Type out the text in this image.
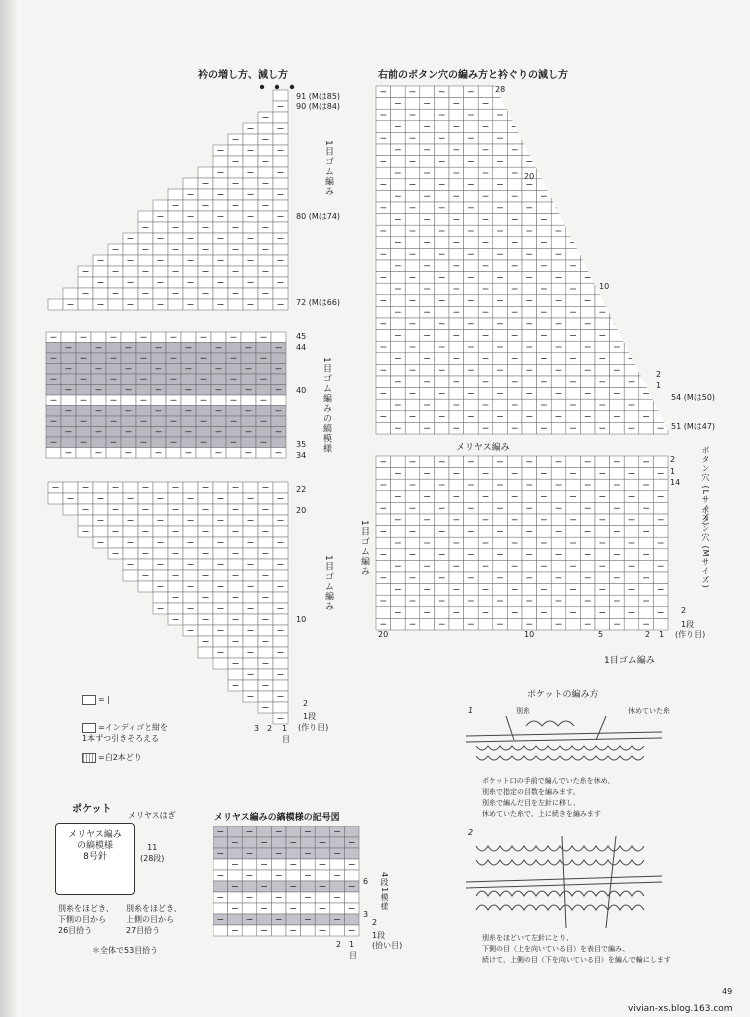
衿の増し方、減し方	右前のボタン穴の編み方と衿ぐりの減し方
91 (Mは85)
90 (Mは84)
80 (Mは74)
72 (Mは66)
45
44
40
35
34
22
20
10
2
1段
(作り目)
3 2 1
目
1目ゴム編み
1目ゴム編みの縞模様
1目ゴム編み
メリヤス編み
28
20
10
2
1
54 (Mは50)
51 (Mは47)
2
1
14
2
1段
(作り目)
20	10	5	2 1
ボタン穴 (Lサイズ)
ボタン穴 (Mサイズ)
1目ゴム編み
1目ゴム編み
= |
=インディゴと紺を
1本ずつ引きそろえる
=白2本どり
ポケット
メリヤスはぎ
メリヤス編み
の縞模様
8号針
11
(28段)
別糸をほどき、
下側の目から
26目拾う
別糸をほどき、
上側の目から
27目拾う
＊全体で53目拾う
メリヤス編みの縞模様の記号図
6
3
2
1段
(拾い目)
4段1模様
2 1
目
ポケットの編み方
1	別糸	休めていた糸
ポケット口の手前で編んでいた糸を休め、
別糸で指定の目数を編みます。
別糸で編んだ目を左針に移し、
休めていた糸で、上に続きを編みます
2
別糸をほどいて左針にとり、
下側の目（上を向いている目）を表目で編み、
続けて、上側の目（下を向いている目）を編んで輪にします
49
vivian-xs.blog.163.com
